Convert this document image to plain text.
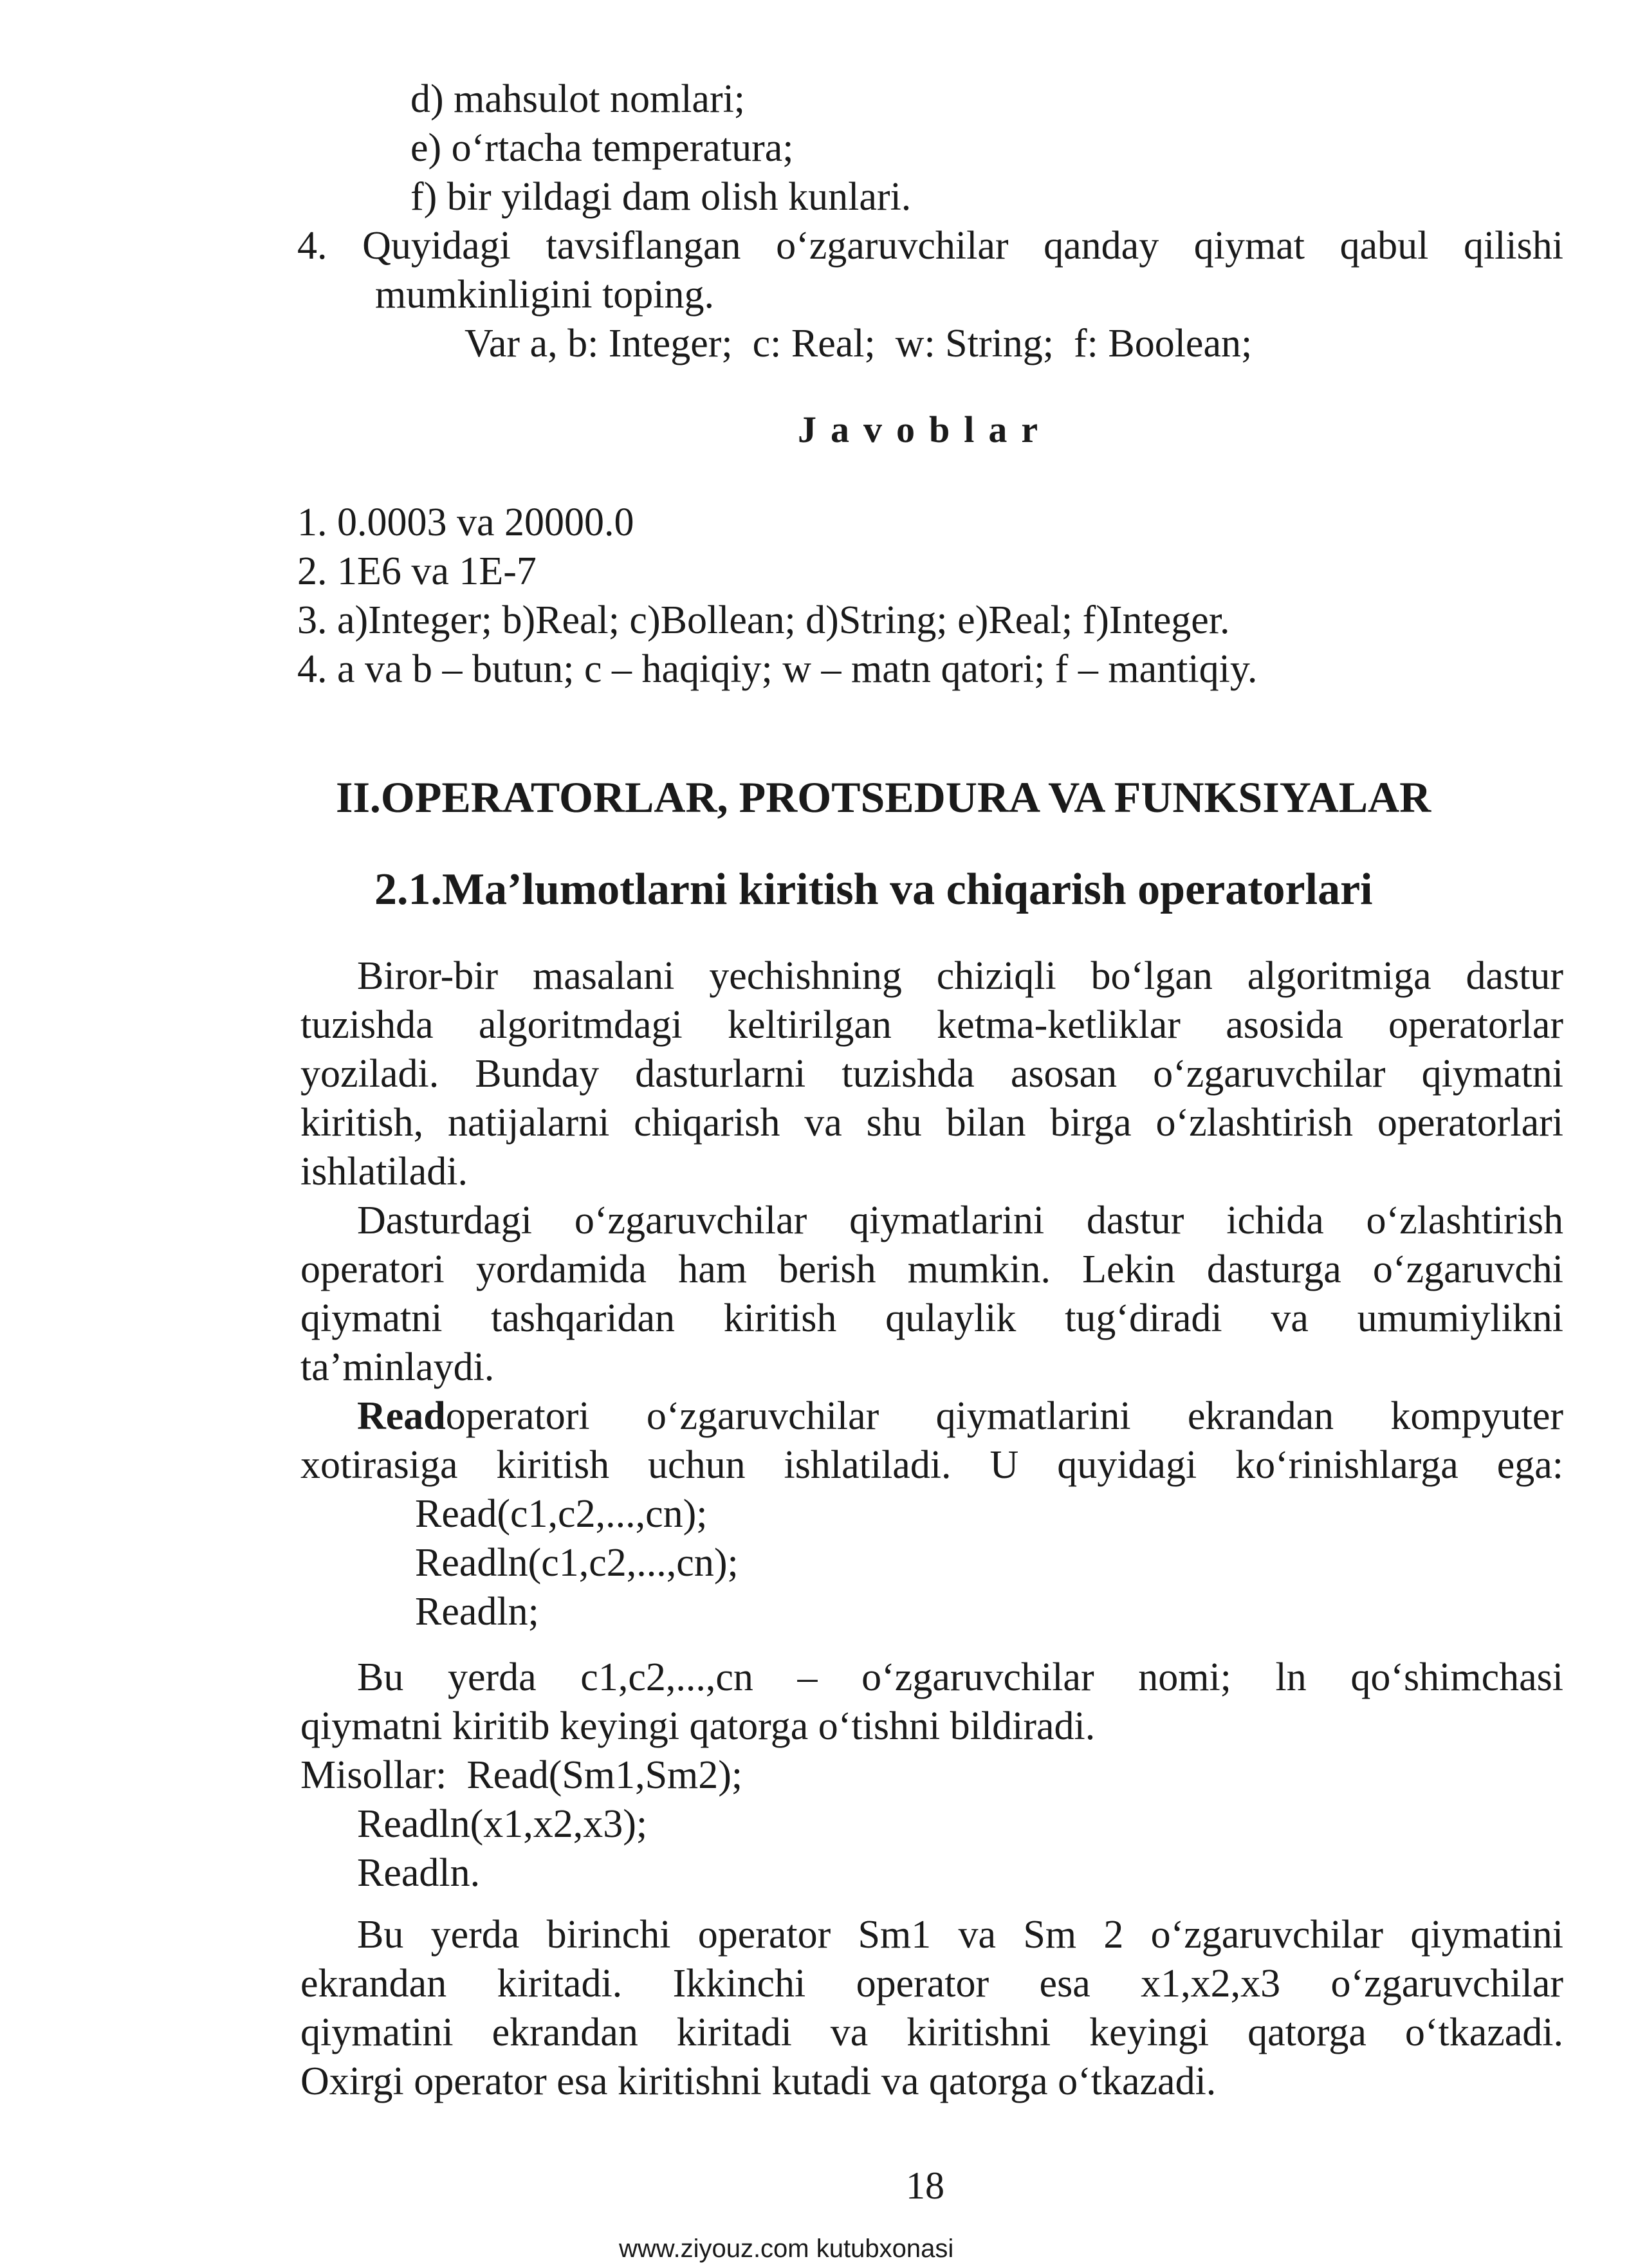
d) mahsulot nomlari;
e) o‘rtacha temperatura;
f) bir yildagi dam olish kunlari.
4. Quyidagi tavsiflangan o‘zgaruvchilar qanday qiymat qabul qilishi
mumkinligini toping.
Var a, b: Integer;  c: Real;  w: String;  f: Boolean;
Javoblar
1. 0.0003 va 20000.0
2. 1E6 va 1E-7
3. a)Integer; b)Real; c)Bollean; d)String; e)Real; f)Integer.
4. a va b – butun; c – haqiqiy; w – matn qatori; f – mantiqiy.
II.OPERATORLAR, PROTSEDURA VA FUNKSIYALAR
2.1.Ma’lumotlarni kiritish va chiqarish operatorlari
Biror-bir masalani yechishning chiziqli bo‘lgan algoritmiga dastur
tuzishda algoritmdagi keltirilgan ketma-ketliklar asosida operatorlar
yoziladi. Bunday dasturlarni tuzishda asosan o‘zgaruvchilar qiymatni
kiritish, natijalarni chiqarish va shu bilan birga o‘zlashtirish operatorlari
ishlatiladi.
Dasturdagi o‘zgaruvchilar qiymatlarini dastur ichida o‘zlashtirish
operatori yordamida ham berish mumkin. Lekin dasturga o‘zgaruvchi
qiymatni tashqaridan kiritish qulaylik tug‘diradi va umumiylikni
ta’minlaydi.
Read operatori o‘zgaruvchilar qiymatlarini ekrandan kompyuter
xotirasiga kiritish uchun ishlatiladi. U quyidagi ko‘rinishlarga ega:
Read(c1,c2,...,cn);
Readln(c1,c2,...,cn);
Readln;
Bu yerda c1,c2,...,cn – o‘zgaruvchilar nomi; ln qo‘shimchasi
qiymatni kiritib keyingi qatorga o‘tishni bildiradi.
Misollar:  Read(Sm1,Sm2);
Readln(x1,x2,x3);
Readln.
Bu yerda birinchi operator Sm1 va Sm 2 o‘zgaruvchilar qiymatini
ekrandan kiritadi. Ikkinchi operator esa x1,x2,x3 o‘zgaruvchilar
qiymatini ekrandan kiritadi va kiritishni keyingi qatorga o‘tkazadi.
Oxirgi operator esa kiritishni kutadi va qatorga o‘tkazadi.
18
www.ziyouz.com kutubxonasi
